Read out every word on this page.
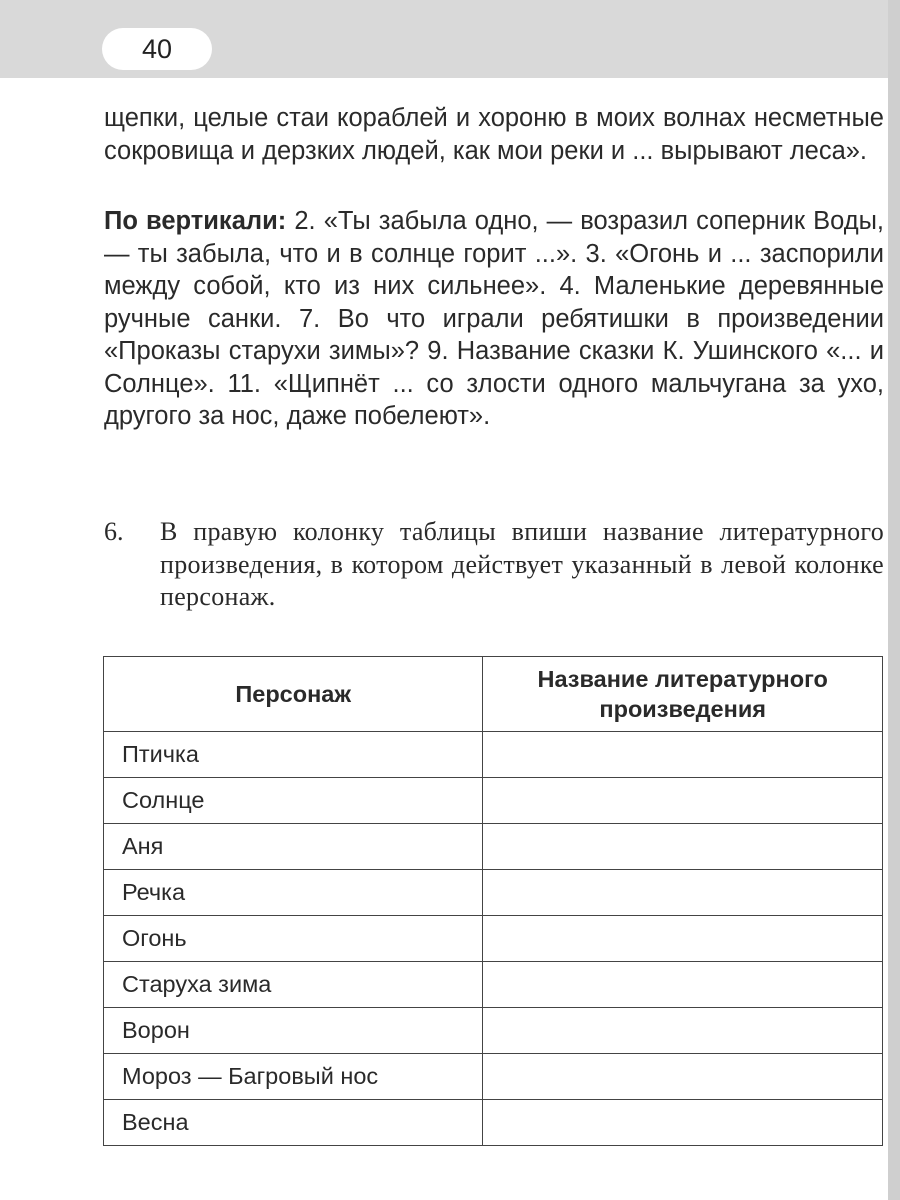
40

щепки, целые стаи кораблей и хороню в моих волнах несметные сокровища и дерзких людей, как мои реки и ... вырывают леса».

По вертикали: 2. «Ты забыла одно, — возразил соперник Воды, — ты забыла, что и в солнце горит ...». 3. «Огонь и ... заспорили между собой, кто из них сильнее». 4. Маленькие деревянные ручные санки. 7. Во что играли ребятишки в произведении «Проказы старухи зимы»? 9. Название сказки К. Ушинского «... и Солнце». 11. «Щипнёт ... со злости одного мальчугана за ухо, другого за нос, даже побелеют».

6. В правую колонку таблицы впиши название литературного произведения, в котором действует указанный в левой колонке персонаж.

Персонаж	Название литературного произведения
Птичка	
Солнце	
Аня	
Речка	
Огонь	
Старуха зима	
Ворон	
Мороз — Багровый нос	
Весна	
